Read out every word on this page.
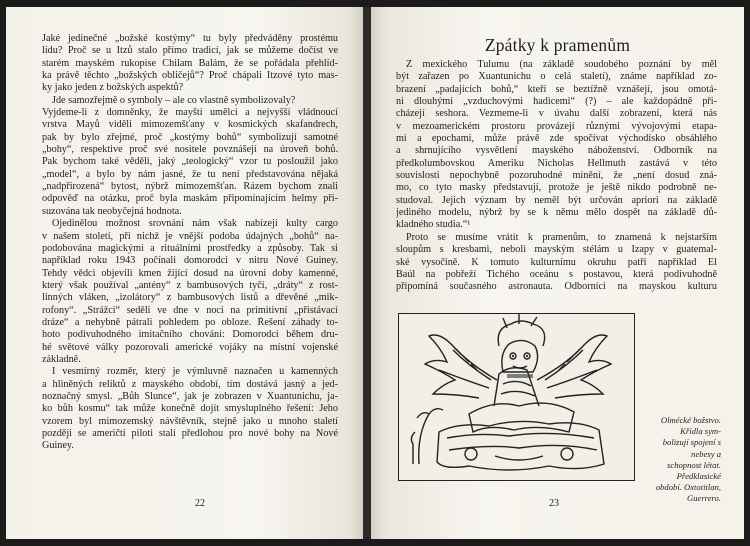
Jaké jedinečné „božské kostýmy“ tu byly předváděny prostému
lidu? Proč se u Itzů stalo přímo tradicí, jak se můžeme dočíst ve
starém mayském rukopise Chilam Balám, že se pořádala přehlíd-
ka právě těchto „božských obličejů“? Proč chápali Itzové tyto mas-
ky jako jeden z božských aspektů?
Jde samozřejmě o symboly – ale co vlastně symbolizovaly?
Vyjdeme-li z domněnky, že mayští umělci a nejvyšší vládnoucí
vrstva Mayů viděli mimozemšťany v kosmických skafandrech,
pak by bylo zřejmé, proč „kostýmy bohů“ symbolizují samotné
„bohy“, respektive proč své nositele povznášejí na úroveň bohů.
Pak bychom také věděli, jaký „teologický“ vzor tu posloužil jako
„model“, a bylo by nám jasné, že tu není představována nějaká
„nadpřirozená“ bytost, nýbrž mimozemšťan. Rázem bychom znali
odpověď na otázku, proč byla maskám připomínajícím helmy při-
suzována tak neobyčejná hodnota.
Ojedinělou možnost srovnání nám však nabízejí kulty cargo
v našem století, při nichž je vnější podoba údajných „bohů“ na-
podobována magickými a rituálními prostředky a způsoby. Tak si
například roku 1943 počínali domorodci v nitru Nové Guiney.
Tehdy vědci objevili kmen žijící dosud na úrovni doby kamenné,
který však používal „antény“ z bambusových tyčí, „dráty“ z rost-
linných vláken, „izolátory“ z bambusových listů a dřevěné „mik-
rofony“. „Strážci“ seděli ve dne v noci na primitivní „přistávací
dráze“ a nehybně pátrali pohledem po obloze. Řešení záhady to-
hoto podivuhodného imitačního chování: Domorodci během dru-
hé světové války pozorovali americké vojáky na místní vojenské
základně.
I vesmírný rozměr, který je výmluvně naznačen u kamenných
a hliněných reliktů z mayského období, tím dostává jasný a jed-
noznačný smysl. „Bůh Slunce“, jak je zobrazen v Xuantunichu, ja-
ko bůh kosmu“ tak může konečně dojít smysluplného řešení: Jeho
vzorem byl mimozemský návštěvník, stejně jako u mnoho staletí
později se američtí piloti stali předlohou pro nové bohy na Nové
Guiney.
22
Zpátky k pramenům
Z mexického Tulumu (na základě soudobého poznání by měl
být zařazen po Xuantunichu o celá staletí), známe například zo-
brazení „padajících bohů,“ kteří se beztížně vznášejí, jsou omotá-
ni dlouhými „vzduchovými hadicemi“ (?) – ale každopádně při-
cházejí seshora. Vezmeme-li v úvahu další zobrazení, která nás
v mezoamerickém prostoru provázejí různými vývojovými etapa-
mi a epochami, může právě zde spočívat východisko obsáhlého
a shrnujícího vysvětlení mayského náboženství. Odborník na
předkolumbovskou Ameriku Nicholas Hellmuth zastává v této
souvislosti nepochybně pozoruhodné mínění, že „není dosud zná-
mo, co tyto masky představují, protože je ještě nikdo podrobně ne-
studoval. Jejich význam by neměl být určován apriori na základě
jediného modelu, nýbrž by se k němu mělo dospět na základě dů-
kladného studia.“¹
Proto se musíme vrátit k pramenům, to znamená k nejstarším
sloupům s kresbami, neboli mayským stélám u Izapy v guatemal-
ské vysočině. K tomuto kulturnímu okruhu patří například El
Baúl na pobřeží Tichého oceánu s postavou, která podivuhodně
připomíná současného astronauta. Odborníci na mayskou kulturu
Olmécké božstvo. Křídla sym-
bolizují spojení s nebesy a
schopnost létat. Předklasické
období. Oxtotitlan, Guerrero.
23
